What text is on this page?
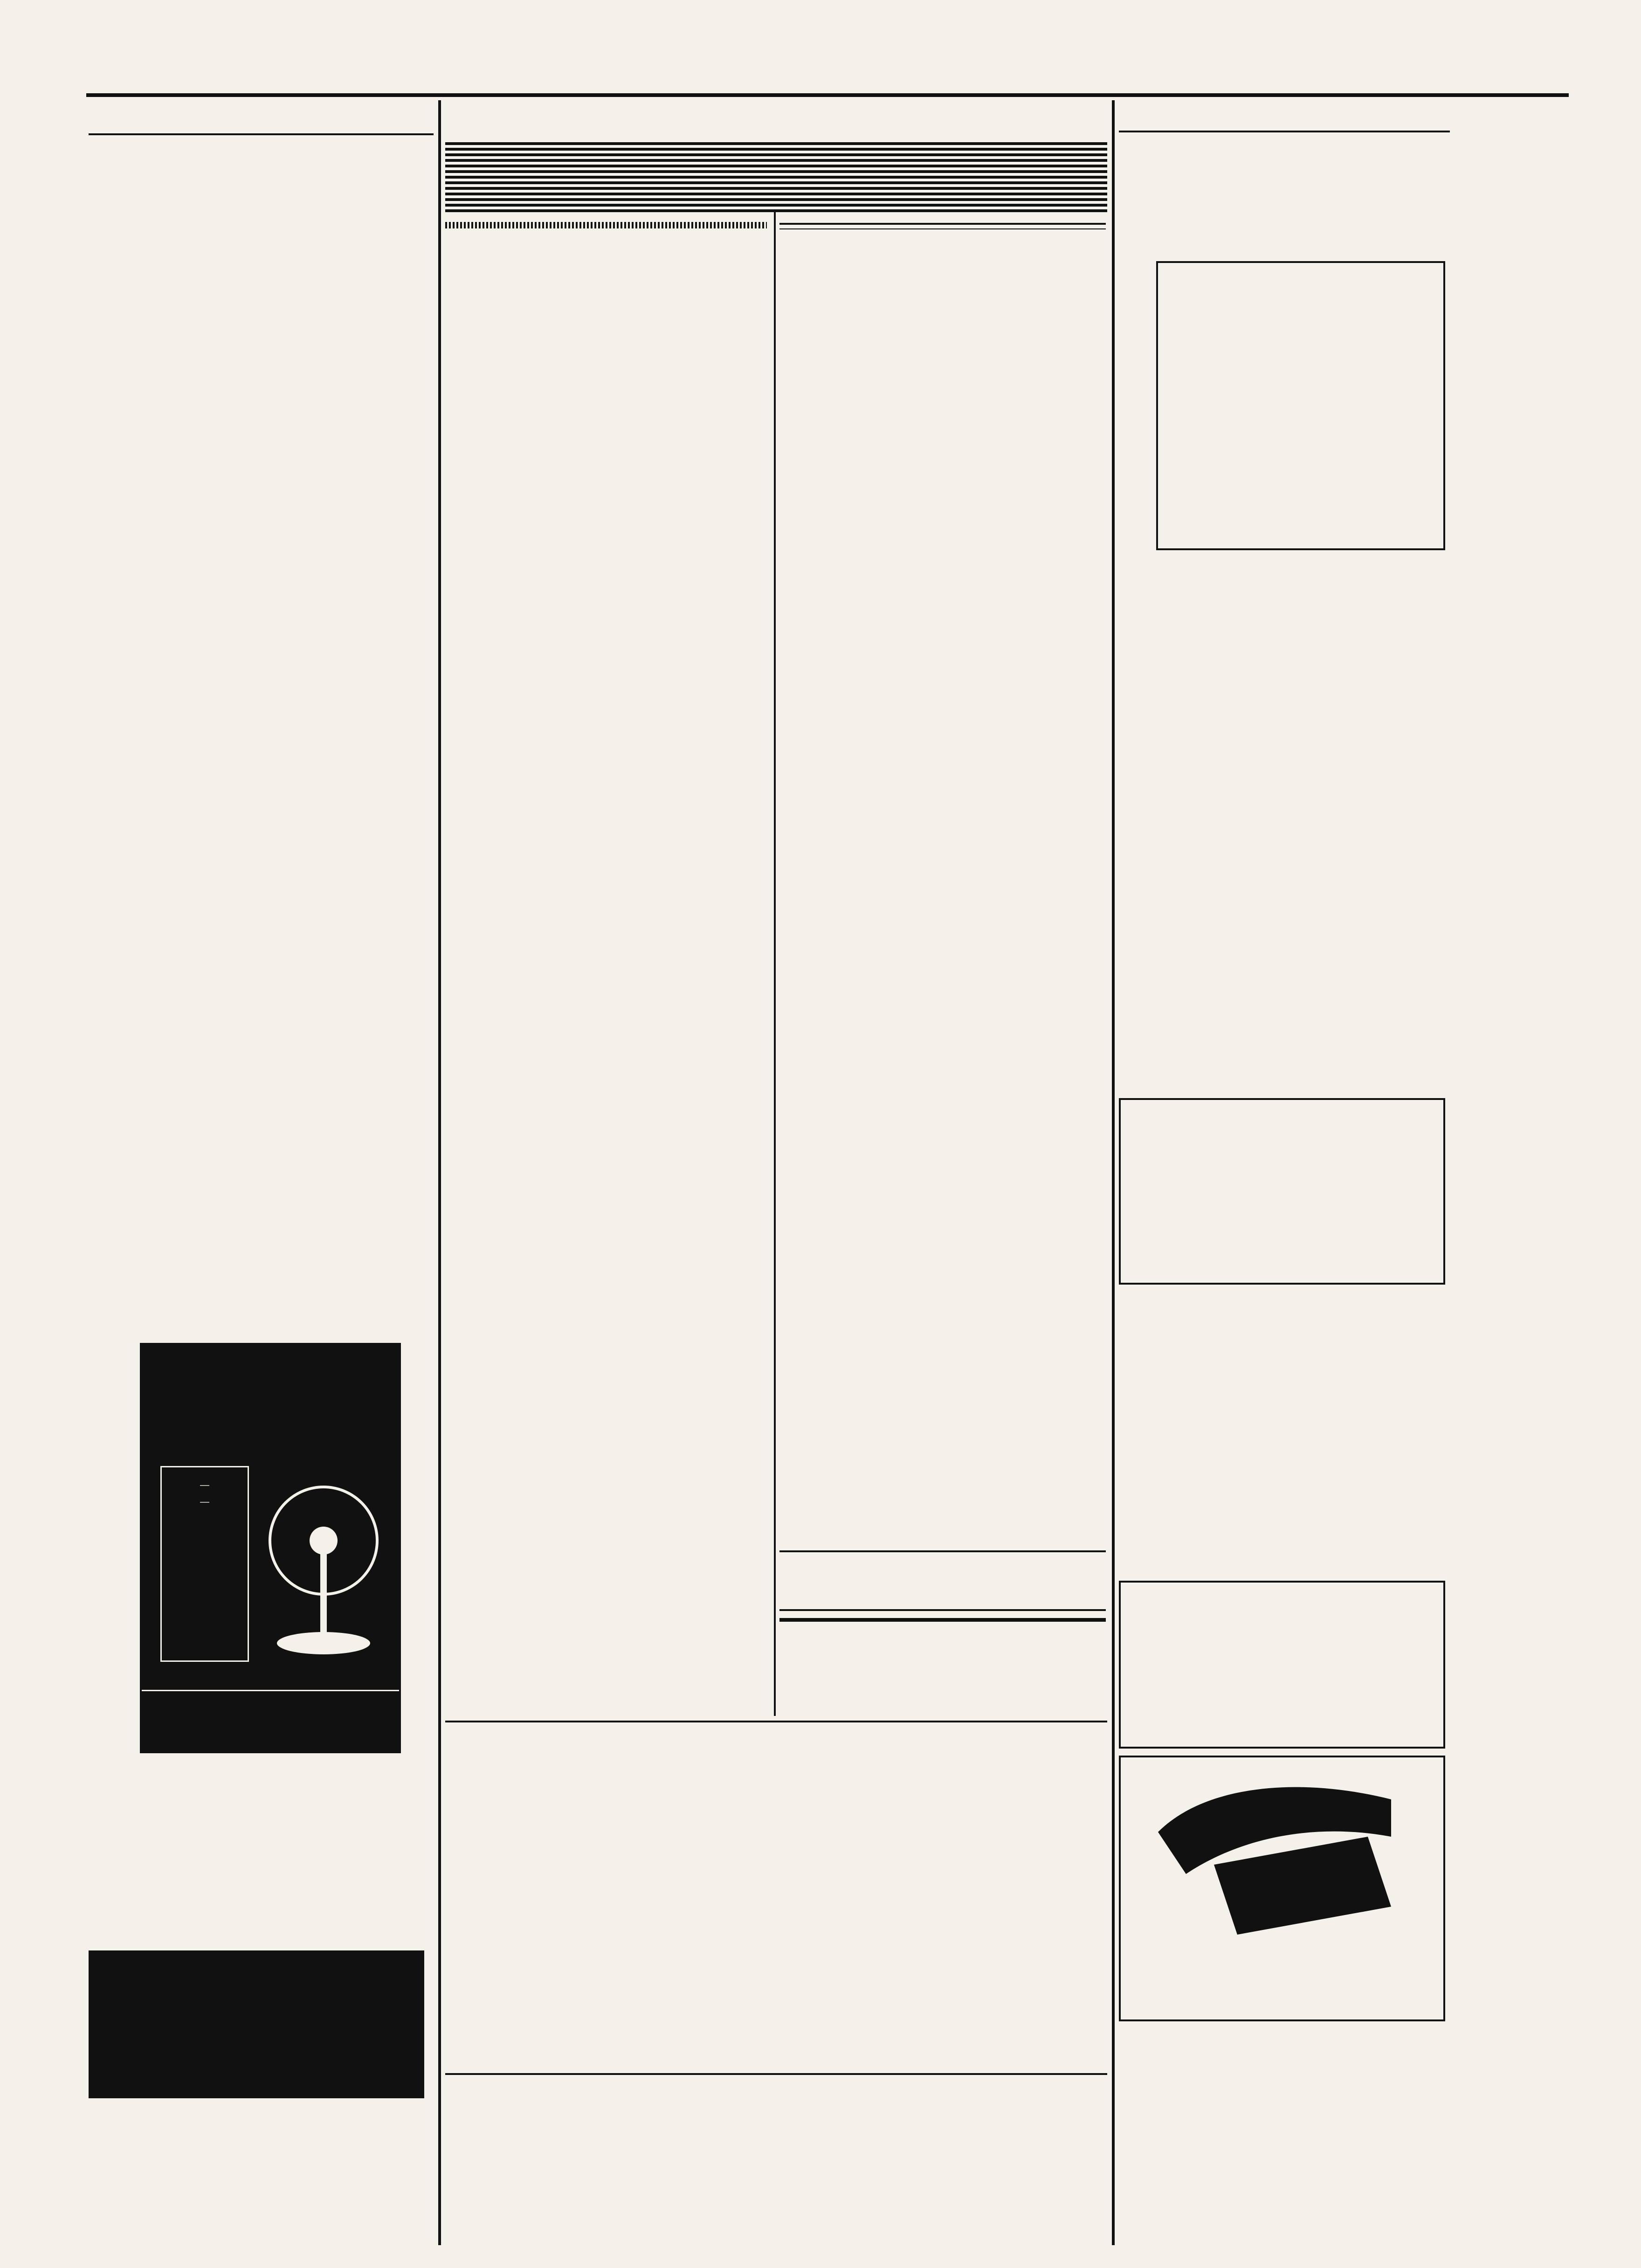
—
—
